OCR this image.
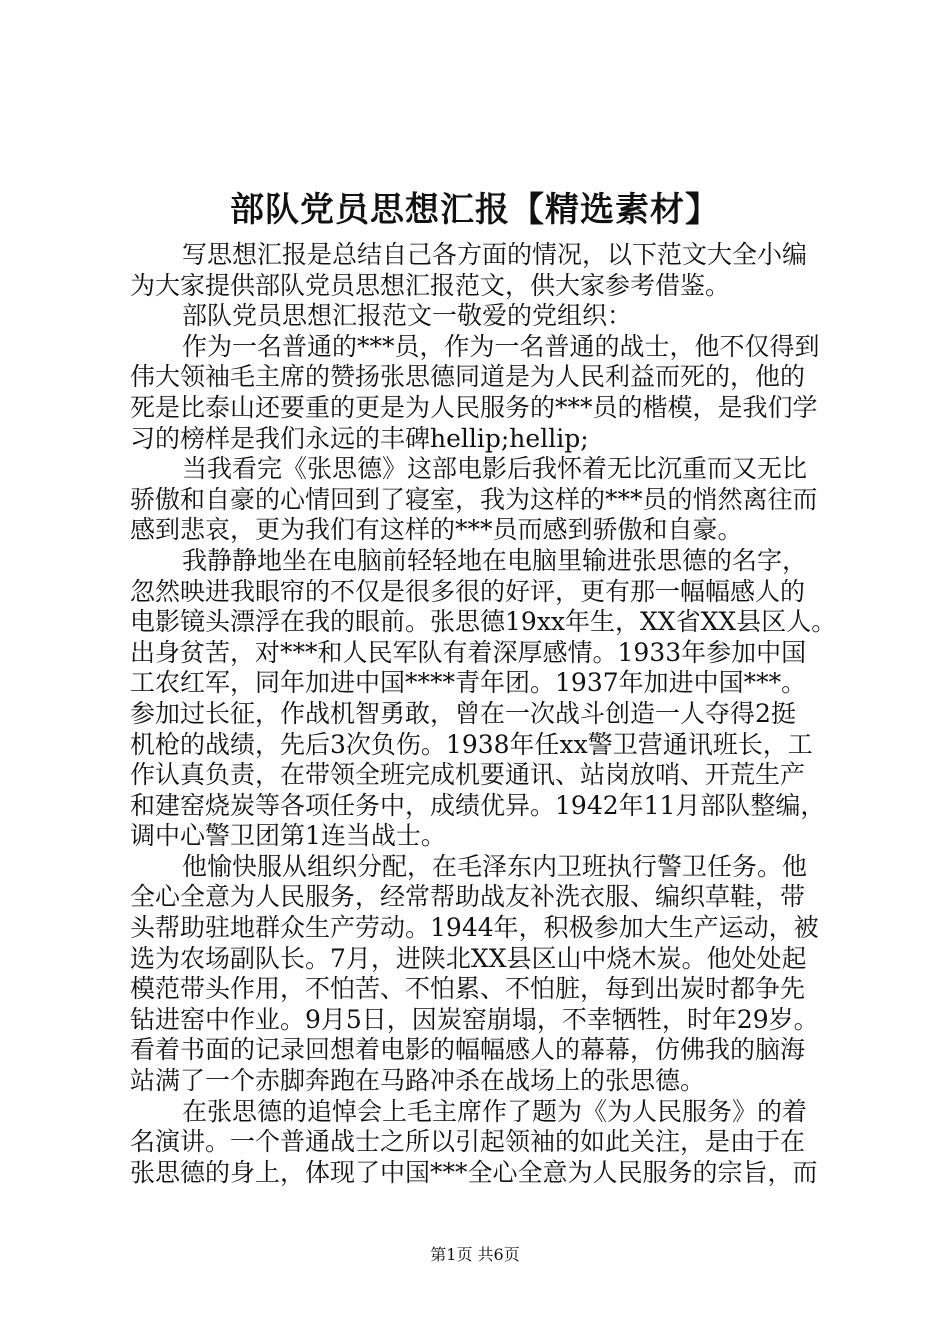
部队党员思想汇报【精选素材】
写思想汇报是总结自己各方面的情况，以下范文大全小编
为大家提供部队党员思想汇报范文，供大家参考借鉴。
部队党员思想汇报范文一敬爱的党组织：
作为一名普通的***员，作为一名普通的战士，他不仅得到
伟大领袖毛主席的赞扬张思德同道是为人民利益而死的，他的
死是比泰山还要重的更是为人民服务的***员的楷模，是我们学
习的榜样是我们永远的丰碑hellip;hellip;
当我看完《张思德》这部电影后我怀着无比沉重而又无比
骄傲和自豪的心情回到了寝室，我为这样的***员的悄然离往而
感到悲哀，更为我们有这样的***员而感到骄傲和自豪。
我静静地坐在电脑前轻轻地在电脑里输进张思德的名字，
忽然映进我眼帘的不仅是很多很的好评，更有那一幅幅感人的
电影镜头漂浮在我的眼前。张思德19xx年生，XX省XX县区人。
出身贫苦，对***和人民军队有着深厚感情。1933年参加中国
工农红军，同年加进中国****青年团。1937年加进中国***。
参加过长征，作战机智勇敢，曾在一次战斗创造一人夺得2挺
机枪的战绩，先后3次负伤。1938年任xx警卫营通讯班长，工
作认真负责，在带领全班完成机要通讯、站岗放哨、开荒生产
和建窑烧炭等各项任务中，成绩优异。1942年11月部队整编，
调中心警卫团第1连当战士。
他愉快服从组织分配，在毛泽东内卫班执行警卫任务。他
全心全意为人民服务，经常帮助战友补洗衣服、编织草鞋，带
头帮助驻地群众生产劳动。1944年，积极参加大生产运动，被
选为农场副队长。7月，进陕北XX县区山中烧木炭。他处处起
模范带头作用，不怕苦、不怕累、不怕脏，每到出炭时都争先
钻进窑中作业。9月5日，因炭窑崩塌，不幸牺牲，时年29岁。
看着书面的记录回想着电影的幅幅感人的幕幕，仿佛我的脑海
站满了一个赤脚奔跑在马路冲杀在战场上的张思德。
在张思德的追悼会上毛主席作了题为《为人民服务》的着
名演讲。一个普通战士之所以引起领袖的如此关注，是由于在
张思德的身上，体现了中国***全心全意为人民服务的宗旨，而
第1页 共6页
